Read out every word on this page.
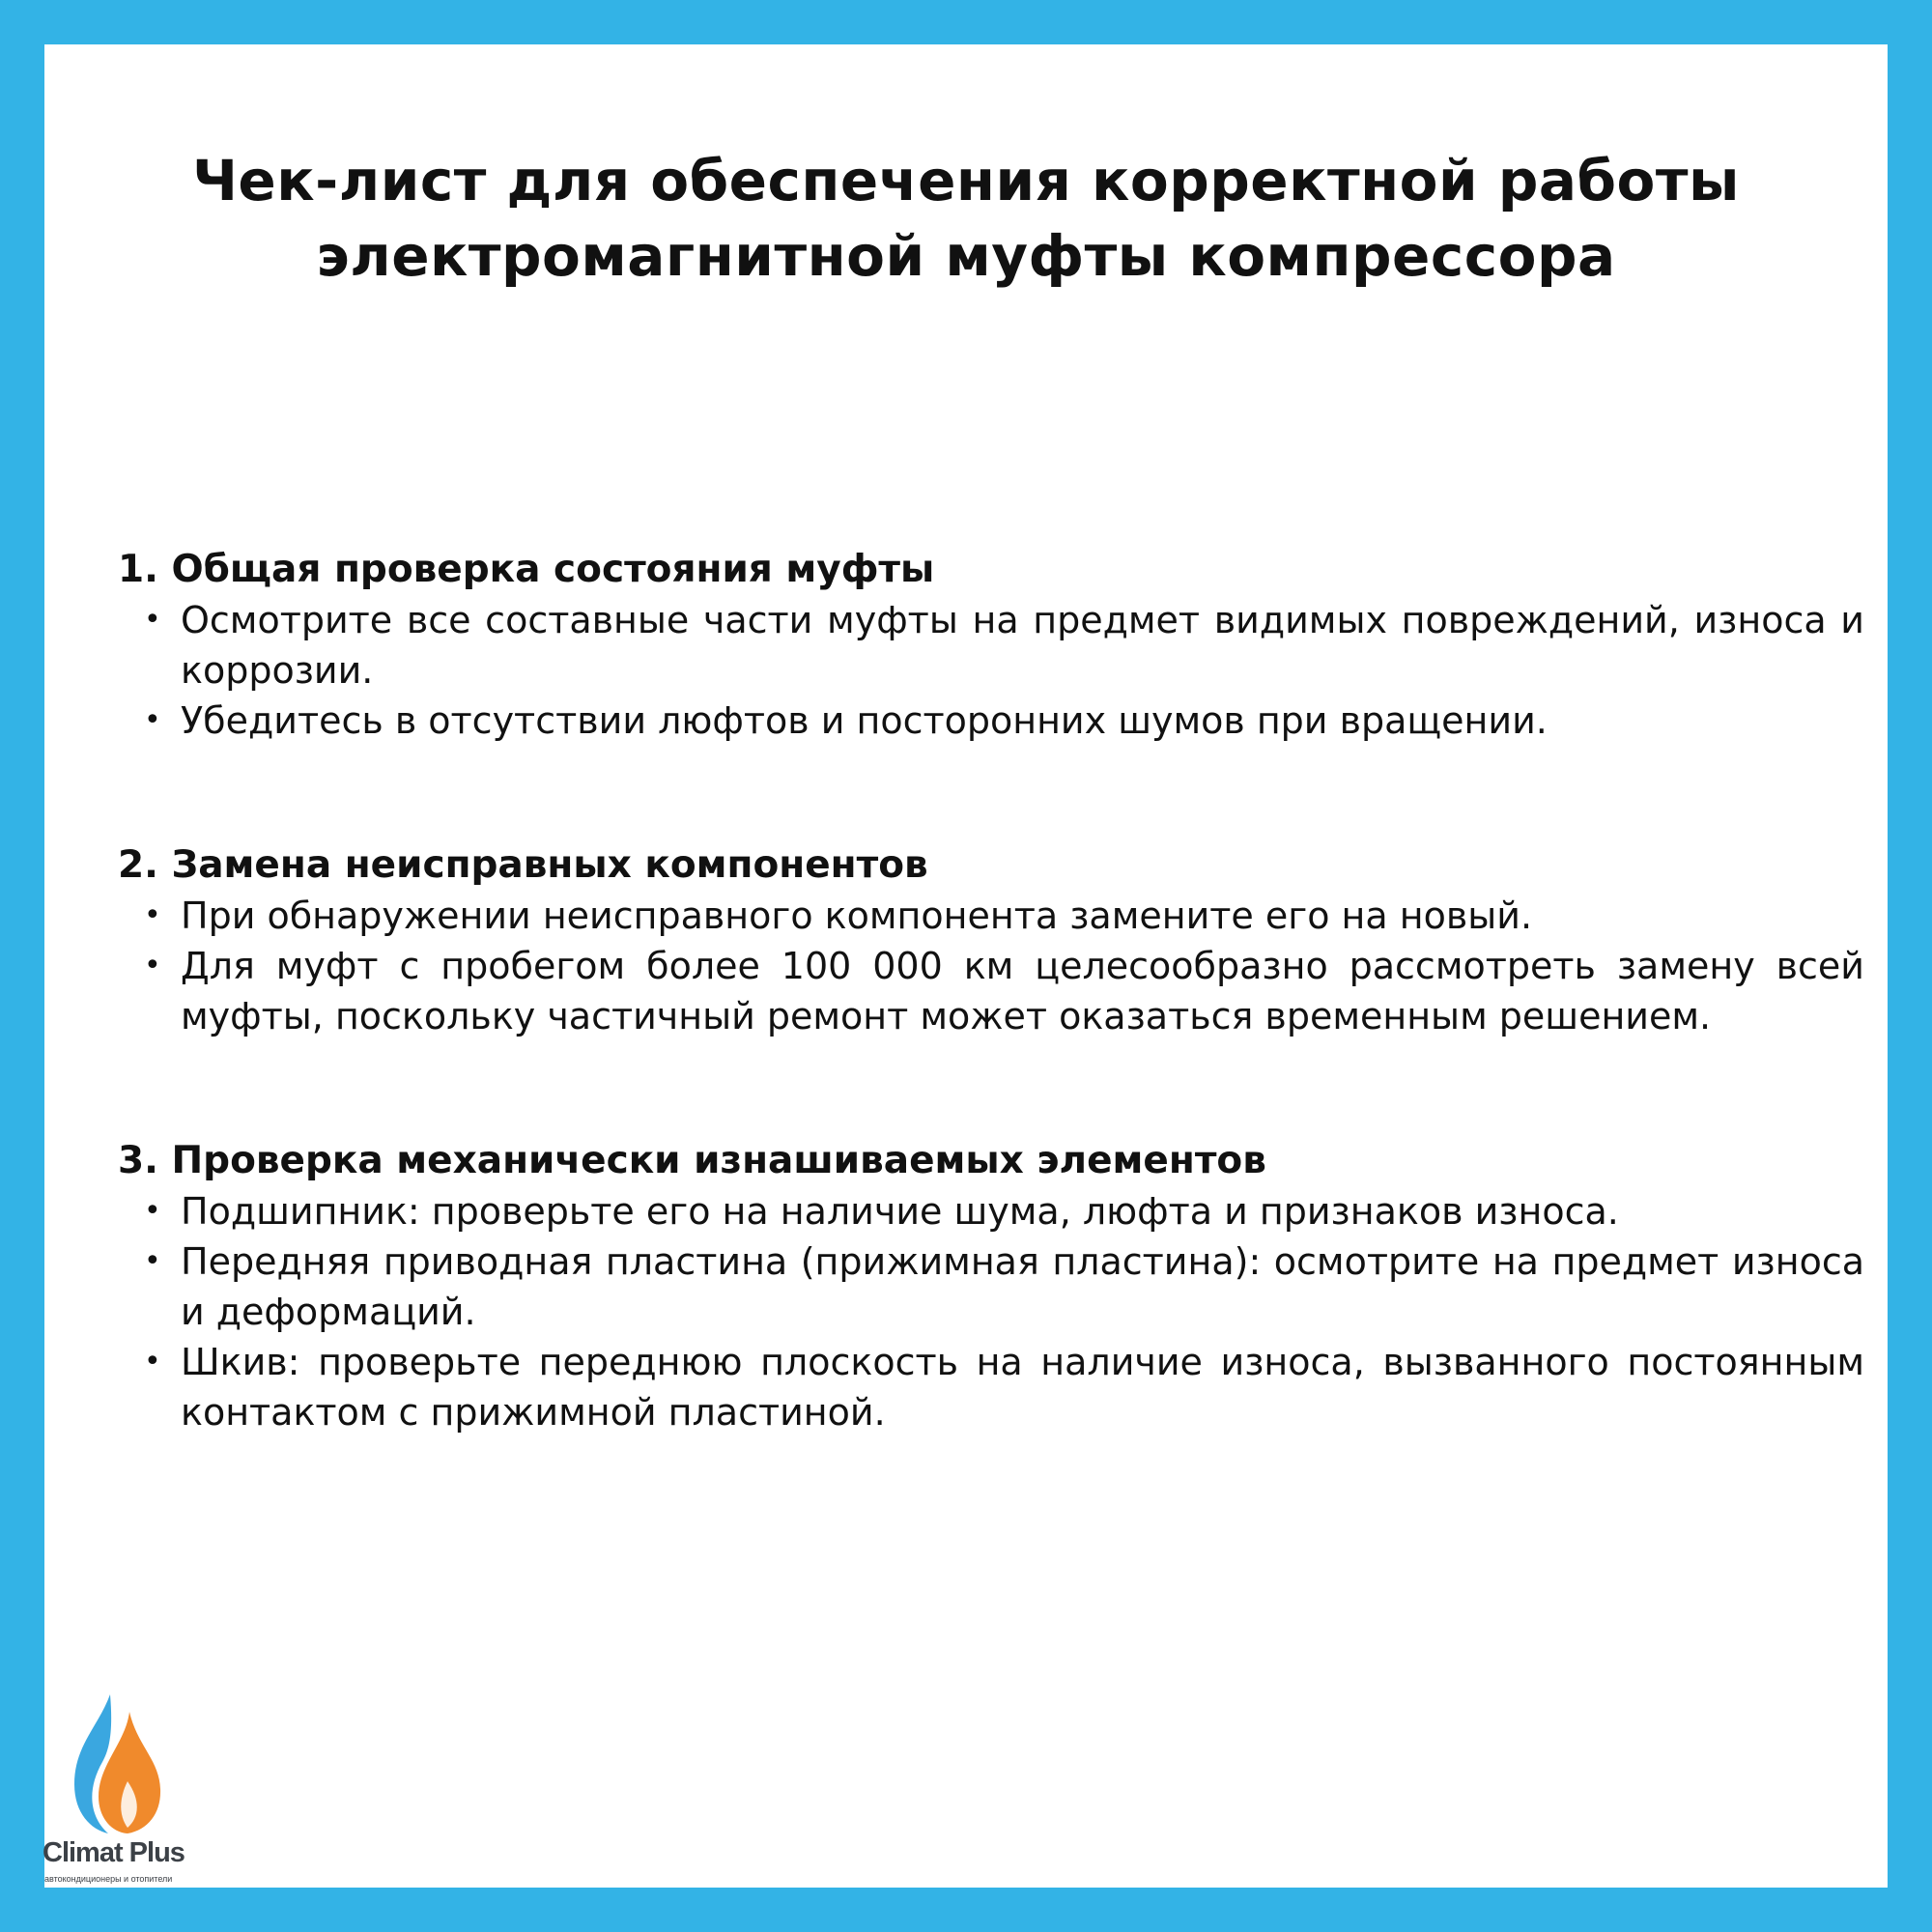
Чек-лист для обеспечения корректной работы
электромагнитной муфты компрессора

1. Общая проверка состояния муфты

• Осмотрите все составные части муфты на предмет видимых повреждений, износа и коррозии.
• Убедитесь в отсутствии люфтов и посторонних шумов при вращении.

2. Замена неисправных компонентов

• При обнаружении неисправного компонента замените его на новый.
• Для муфт с пробегом более 100 000 км целесообразно рассмотреть замену всей муфты, поскольку частичный ремонт может оказаться временным решением.

3. Проверка механически изнашиваемых элементов

• Подшипник: проверьте его на наличие шума, люфта и признаков износа.
• Передняя приводная пластина (прижимная пластина): осмотрите на предмет износа и деформаций.
• Шкив: проверьте переднюю плоскость на наличие износа, вызванного постоянным контактом с прижимной пластиной.
Climat Plus
автокондиционеры и отопители
